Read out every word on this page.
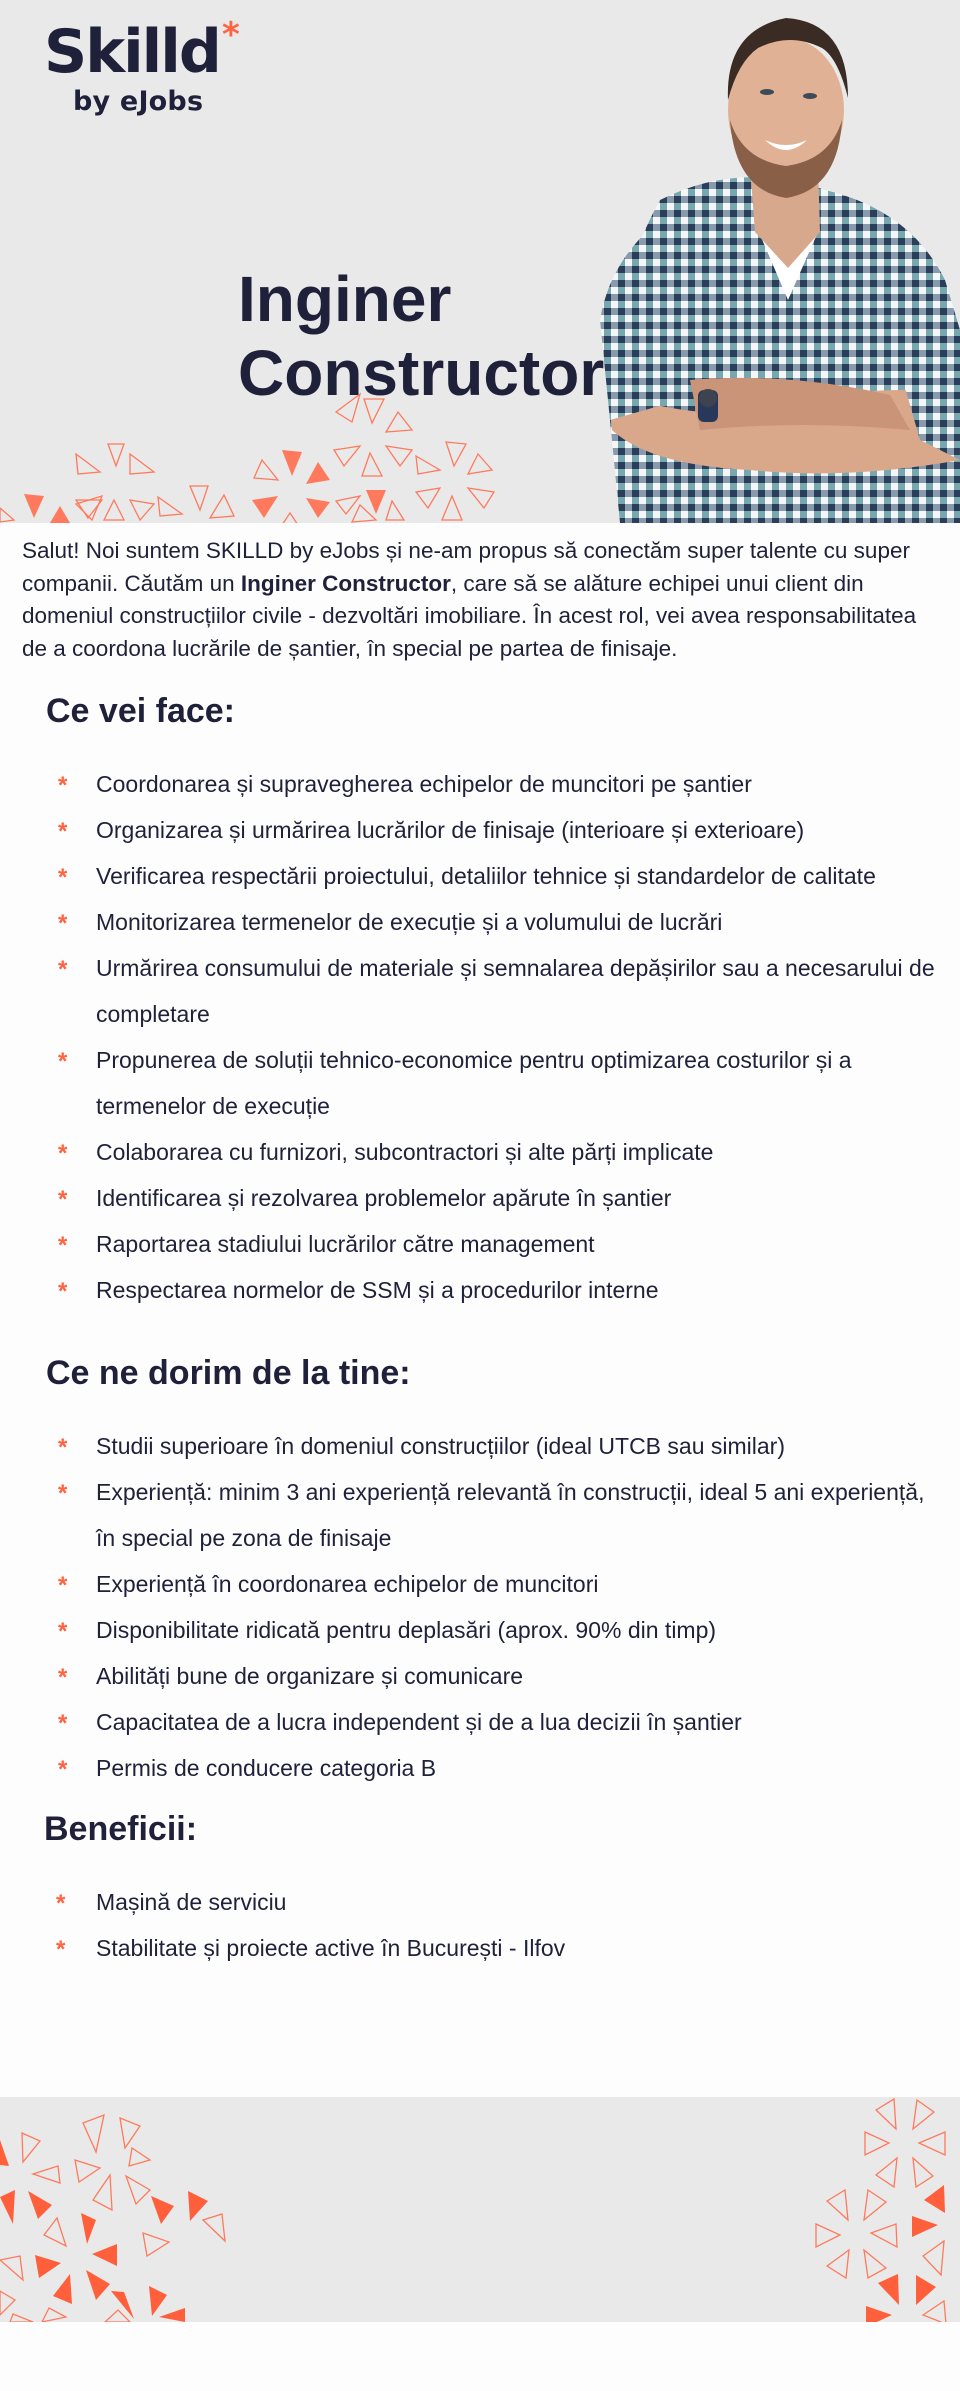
Skilld *
by eJobs
Inginer
Constructor

Salut! Noi suntem SKILLD by eJobs și ne-am propus să conectăm super talente cu super companii. Căutăm un Inginer Constructor, care să se alăture echipei unui client din domeniul construcțiilor civile - dezvoltări imobiliare. În acest rol, vei avea responsabilitatea de a coordona lucrările de șantier, în special pe partea de finisaje.

Ce vei face:
* Coordonarea și supravegherea echipelor de muncitori pe șantier
* Organizarea și urmărirea lucrărilor de finisaje (interioare și exterioare)
* Verificarea respectării proiectului, detaliilor tehnice și standardelor de calitate
* Monitorizarea termenelor de execuție și a volumului de lucrări
* Urmărirea consumului de materiale și semnalarea depășirilor sau a necesarului de completare
* Propunerea de soluții tehnico-economice pentru optimizarea costurilor și a termenelor de execuție
* Colaborarea cu furnizori, subcontractori și alte părți implicate
* Identificarea și rezolvarea problemelor apărute în șantier
* Raportarea stadiului lucrărilor către management
* Respectarea normelor de SSM și a procedurilor interne
Ce ne dorim de la tine:
* Studii superioare în domeniul construcțiilor (ideal UTCB sau similar)
* Experiență: minim 3 ani experiență relevantă în construcții, ideal 5 ani experiență, în special pe zona de finisaje
* Experiență în coordonarea echipelor de muncitori
* Disponibilitate ridicată pentru deplasări (aprox. 90% din timp)
* Abilități bune de organizare și comunicare
* Capacitatea de a lucra independent și de a lua decizii în șantier
* Permis de conducere categoria B
Beneficii:
* Mașină de serviciu
* Stabilitate și proiecte active în București - Ilfov
